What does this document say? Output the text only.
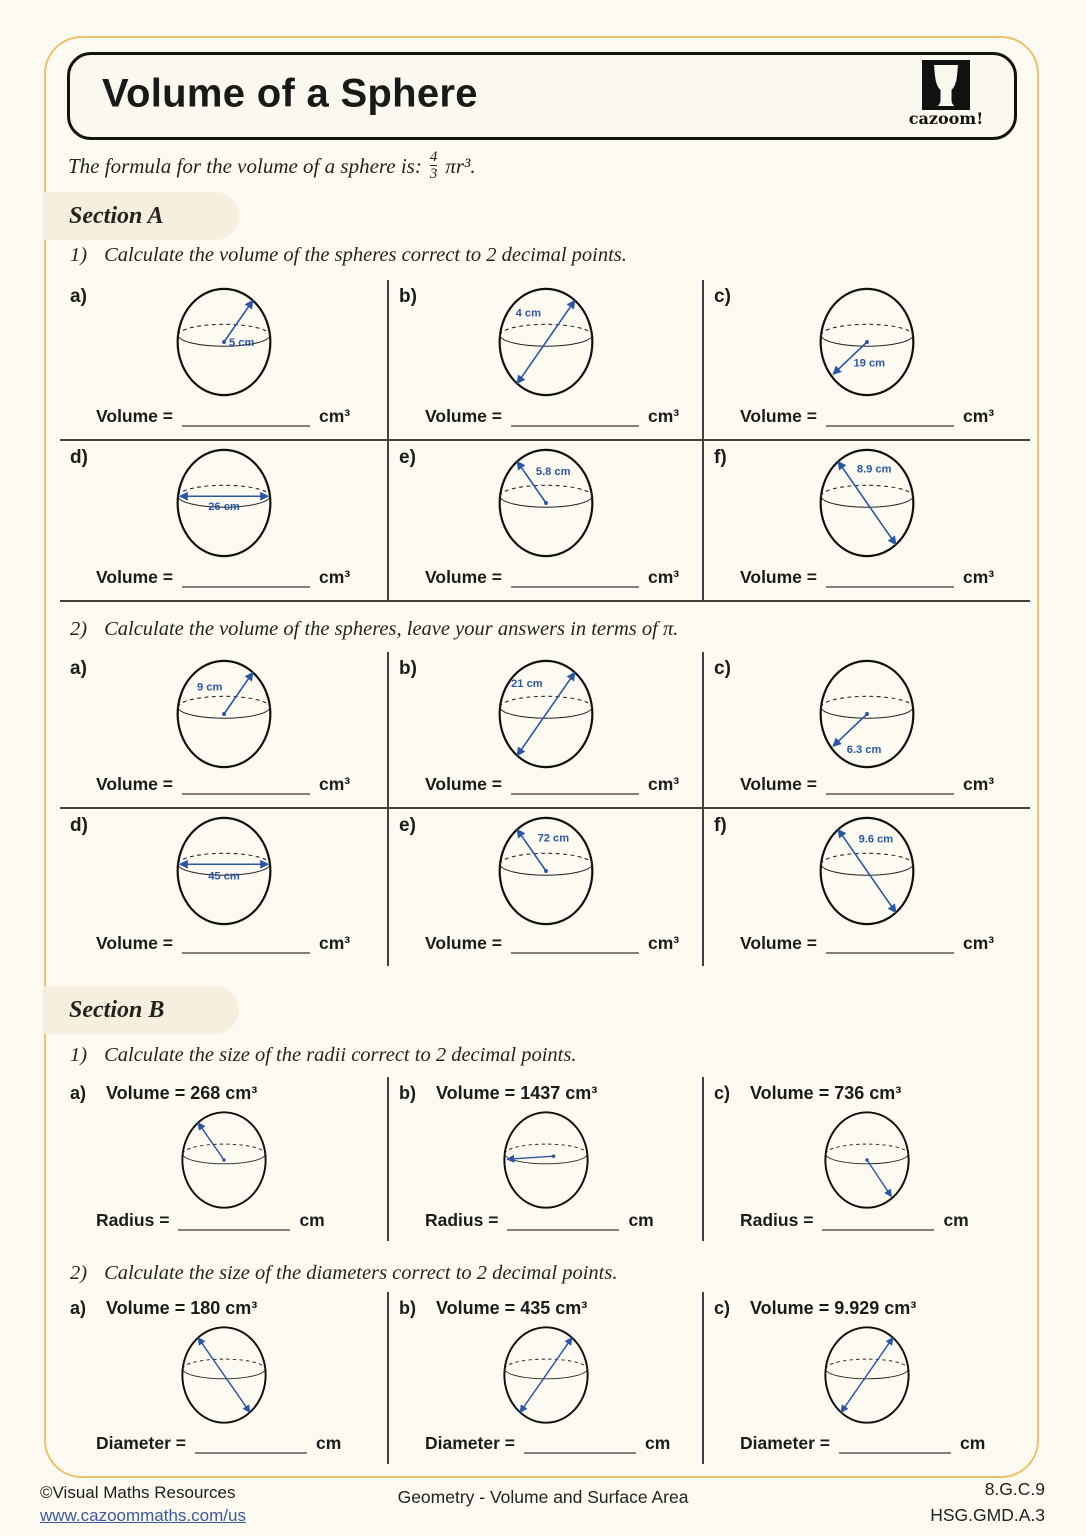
Volume of a Sphere
cazoom!
The formula for the volume of a sphere is: $\frac{4}{3} \pi r^3$.
Section A
1) Calculate the volume of the spheres correct to 2 decimal points.
a)
5 cm
Volume =	cm³
b)
4 cm
Volume =	cm³
c)
19 cm
Volume =	cm³
d)
26 cm
Volume =	cm³
e)
5.8 cm
Volume =	cm³
f)
8.9 cm
Volume =	cm³
2) Calculate the volume of the spheres, leave your answers in terms of π.
a)
9 cm
Volume =	cm³
b)
21 cm
Volume =	cm³
c)
6.3 cm
Volume =	cm³
d)
45 cm
Volume =	cm³
e)
72 cm
Volume =	cm³
f)
9.6 cm
Volume =	cm³
Section B
1) Calculate the size of the radii correct to 2 decimal points.
a) Volume = 268 cm³
Radius =	cm
b) Volume = 1437 cm³
Radius =	cm
c) Volume = 736 cm³
Radius =	cm
2) Calculate the size of the diameters correct to 2 decimal points.
a) Volume = 180 cm³
Diameter =	cm
b) Volume = 435 cm³
Diameter =	cm
c) Volume = 9.929 cm³
Diameter =	cm
©Visual Maths Resources
www.cazoommaths.com/us
Geometry - Volume and Surface Area	8.G.C.9
HSG.GMD.A.3
